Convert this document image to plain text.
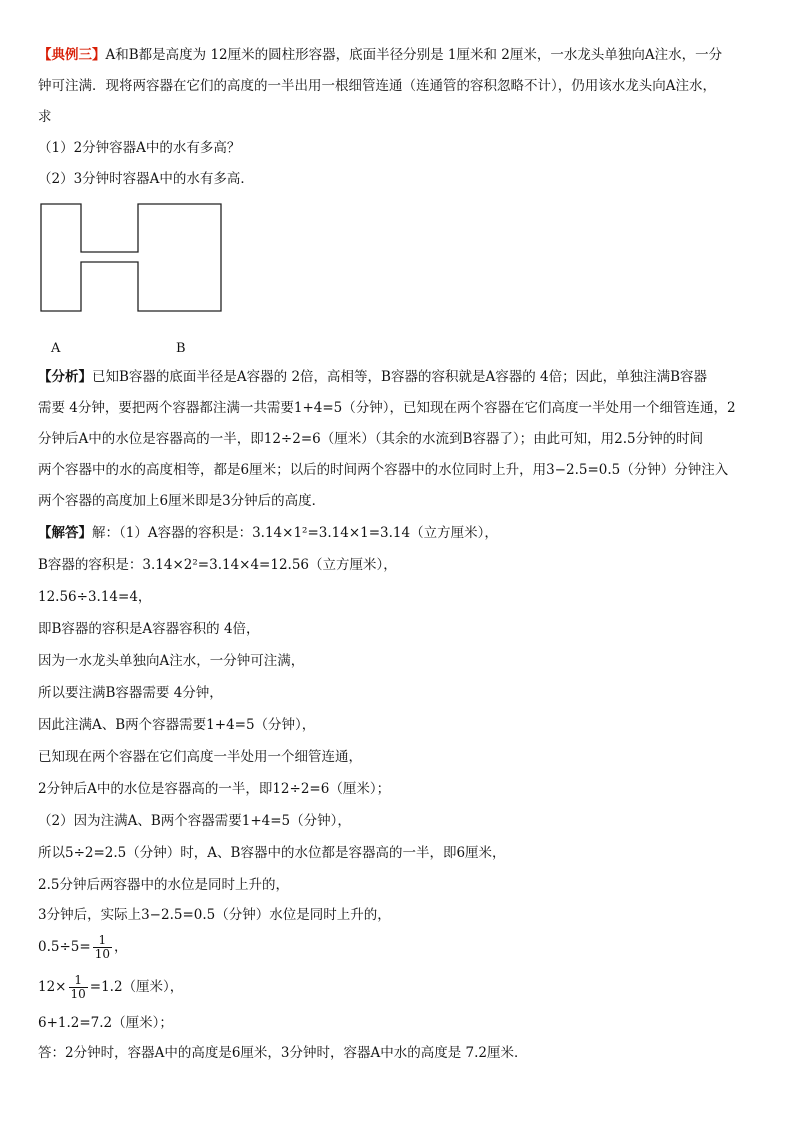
【典例三】A和B都是高度为 12厘米的圆柱形容器，底面半径分别是 1厘米和 2厘米，一水龙头单独向A注水，一分
钟可注满．现将两容器在它们的高度的一半出用一根细管连通（连通管的容积忽略不计），仍用该水龙头向A注水，
求
（1）2分钟容器A中的水有多高？
（2）3分钟时容器A中的水有多高．
A	B
【分析】已知B容器的底面半径是A容器的 2倍，高相等，B容器的容积就是A容器的 4倍；因此，单独注满B容器
需要 4分钟，要把两个容器都注满一共需要1+4=5（分钟），已知现在两个容器在它们高度一半处用一个细管连通，2
分钟后A中的水位是容器高的一半，即12÷2=6（厘米）（其余的水流到B容器了）；由此可知，用2.5分钟的时间
两个容器中的水的高度相等，都是6厘米；以后的时间两个容器中的水位同时上升，用3−2.5=0.5（分钟）分钟注入
两个容器的高度加上6厘米即是3分钟后的高度．
【解答】解：（1）A容器的容积是：3.14×1²=3.14×1=3.14（立方厘米），
B容器的容积是：3.14×2²=3.14×4=12.56（立方厘米），
12.56÷3.14=4，
即B容器的容积是A容器容积的 4倍，
因为一水龙头单独向A注水，一分钟可注满，
所以要注满B容器需要 4分钟，
因此注满A、B两个容器需要1+4=5（分钟），
已知现在两个容器在它们高度一半处用一个细管连通，
2分钟后A中的水位是容器高的一半，即12÷2=6（厘米）；
（2）因为注满A、B两个容器需要1+4=5（分钟），
所以5÷2=2.5（分钟）时，A、B容器中的水位都是容器高的一半，即6厘米，
2.5分钟后两容器中的水位是同时上升的，
3分钟后，实际上3−2.5=0.5（分钟）水位是同时上升的，
$0.5\div 5= \frac{1}{10}$ ，
$12\times \frac{1}{10} =1.2$（厘米），
6+1.2=7.2（厘米）；
答：2分钟时，容器A中的高度是6厘米，3分钟时，容器A中水的高度是 7.2厘米．
